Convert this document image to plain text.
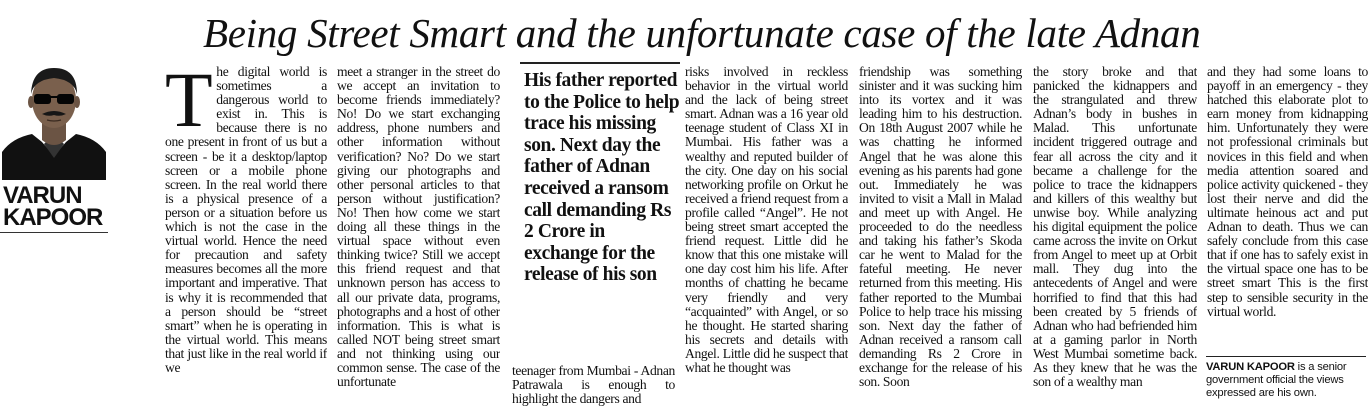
Being Street Smart and the unfortunate case of the late Adnan
VARUN
KAPOOR
T he digital world is sometimes a dangerous world to exist in. This is because there is no one present in front of us but a screen - be it a desktop/laptop screen or a mobile phone screen. In the real world there is a physical presence of a person or a situation before us which is not the case in the virtual world. Hence the need for precaution and safety measures becomes all the more important and imperative. That is why it is recommended that a person should be “street smart” when he is operating in the virtual world. This means that just like in the real world if we

meet a stranger in the street do we accept an invitation to become friends immediately? No! Do we start exchanging address, phone numbers and other information without verification? No? Do we start giving our photographs and other personal articles to that person without justification? No! Then how come we start doing all these things in the virtual space without even thinking twice? Still we accept this friend request and that unknown person has access to all our private data, programs, photographs and a host of other information. This is what is called NOT being street smart and not thinking using our common sense. The case of the unfortunate

His father reported to the Police to help trace his missing son. Next day the father of Adnan received a ransom call demanding Rs 2 Crore in exchange for the release of his son

teenager from Mumbai - Adnan Patrawala is enough to highlight the dangers and

risks involved in reckless behavior in the virtual world and the lack of being street smart. Adnan was a 16 year old teenage student of Class XI in Mumbai. His father was a wealthy and reputed builder of the city. One day on his social networking profile on Orkut he received a friend request from a profile called “Angel”. He not being street smart accepted the friend request. Little did he know that this one mistake will one day cost him his life. After months of chatting he became very friendly and very “acquainted” with Angel, or so he thought. He started sharing his secrets and details with Angel. Little did he suspect that what he thought was

friendship was something sinister and it was sucking him into its vortex and it was leading him to his destruction. On 18th August 2007 while he was chatting he informed Angel that he was alone this evening as his parents had gone out. Immediately he was invited to visit a Mall in Malad and meet up with Angel. He proceeded to do the needless and taking his father’s Skoda car he went to Malad for the fateful meeting. He never returned from this meeting. His father reported to the Mumbai Police to help trace his missing son. Next day the father of Adnan received a ransom call demanding Rs 2 Crore in exchange for the release of his son. Soon

the story broke and that panicked the kidnappers and the strangulated and threw Adnan’s body in bushes in Malad. This unfortunate incident triggered outrage and fear all across the city and it became a challenge for the police to trace the kidnappers and killers of this wealthy but unwise boy. While analyzing his digital equipment the police came across the invite on Orkut from Angel to meet up at Orbit mall. They dug into the antecedents of Angel and were horrified to find that this had been created by 5 friends of Adnan who had befriended him at a gaming parlor in North West Mumbai sometime back. As they knew that he was the son of a wealthy man

and they had some loans to payoff in an emergency - they hatched this elaborate plot to earn money from kidnapping him. Unfortunately they were not professional criminals but novices in this field and when media attention soared and police activity quickened - they lost their nerve and did the ultimate heinous act and put Adnan to death. Thus we can safely conclude from this case that if one has to safely exist in the virtual space one has to be street smart This is the first step to sensible security in the virtual world.

VARUN KAPOOR is a senior government official the views expressed are his own.
